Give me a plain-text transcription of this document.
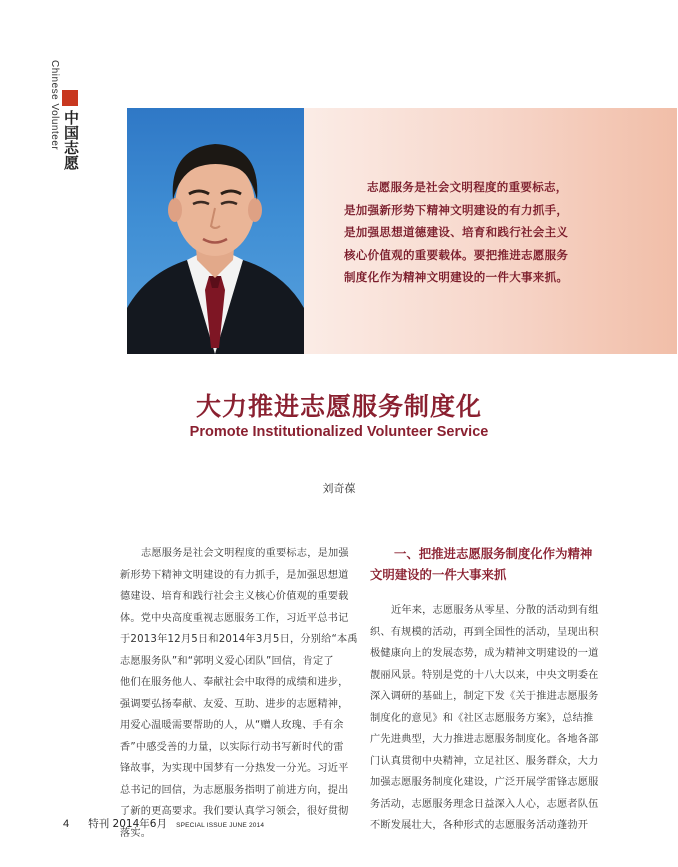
Chinese Volunteer 中国志愿
志愿服务是社会文明程度的重要标志，
是加强新形势下精神文明建设的有力抓手，
是加强思想道德建设、培育和践行社会主义
核心价值观的重要载体。要把推进志愿服务
制度化作为精神文明建设的一件大事来抓。
大力推进志愿服务制度化
Promote Institutionalized Volunteer Service
刘奇葆
志愿服务是社会文明程度的重要标志，是加强
新形势下精神文明建设的有力抓手，是加强思想道
德建设、培育和践行社会主义核心价值观的重要载
体。党中央高度重视志愿服务工作，习近平总书记
于2013年12月5日和2014年3月5日，分别给“本禹
志愿服务队”和“郭明义爱心团队”回信，肯定了
他们在服务他人、奉献社会中取得的成绩和进步，
强调要弘扬奉献、友爱、互助、进步的志愿精神，
用爱心温暖需要帮助的人，从“赠人玫瑰、手有余
香”中感受善的力量，以实际行动书写新时代的雷
锋故事，为实现中国梦有一分热发一分光。习近平
总书记的回信，为志愿服务指明了前进方向，提出
了新的更高要求。我们要认真学习领会，很好贯彻
落实。
一、把推进志愿服务制度化作为精神
文明建设的一件大事来抓
近年来，志愿服务从零星、分散的活动到有组
织、有规模的活动，再到全国性的活动，呈现出积
极健康向上的发展态势，成为精神文明建设的一道
靓丽风景。特别是党的十八大以来，中央文明委在
深入调研的基础上，制定下发《关于推进志愿服务
制度化的意见》和《社区志愿服务方案》，总结推
广先进典型，大力推进志愿服务制度化。各地各部
门认真贯彻中央精神，立足社区、服务群众，大力
加强志愿服务制度化建设，广泛开展学雷锋志愿服
务活动，志愿服务理念日益深入人心，志愿者队伍
不断发展壮大，各种形式的志愿服务活动蓬勃开
4 特刊 2014年6月 SPECIAL ISSUE JUNE 2014
